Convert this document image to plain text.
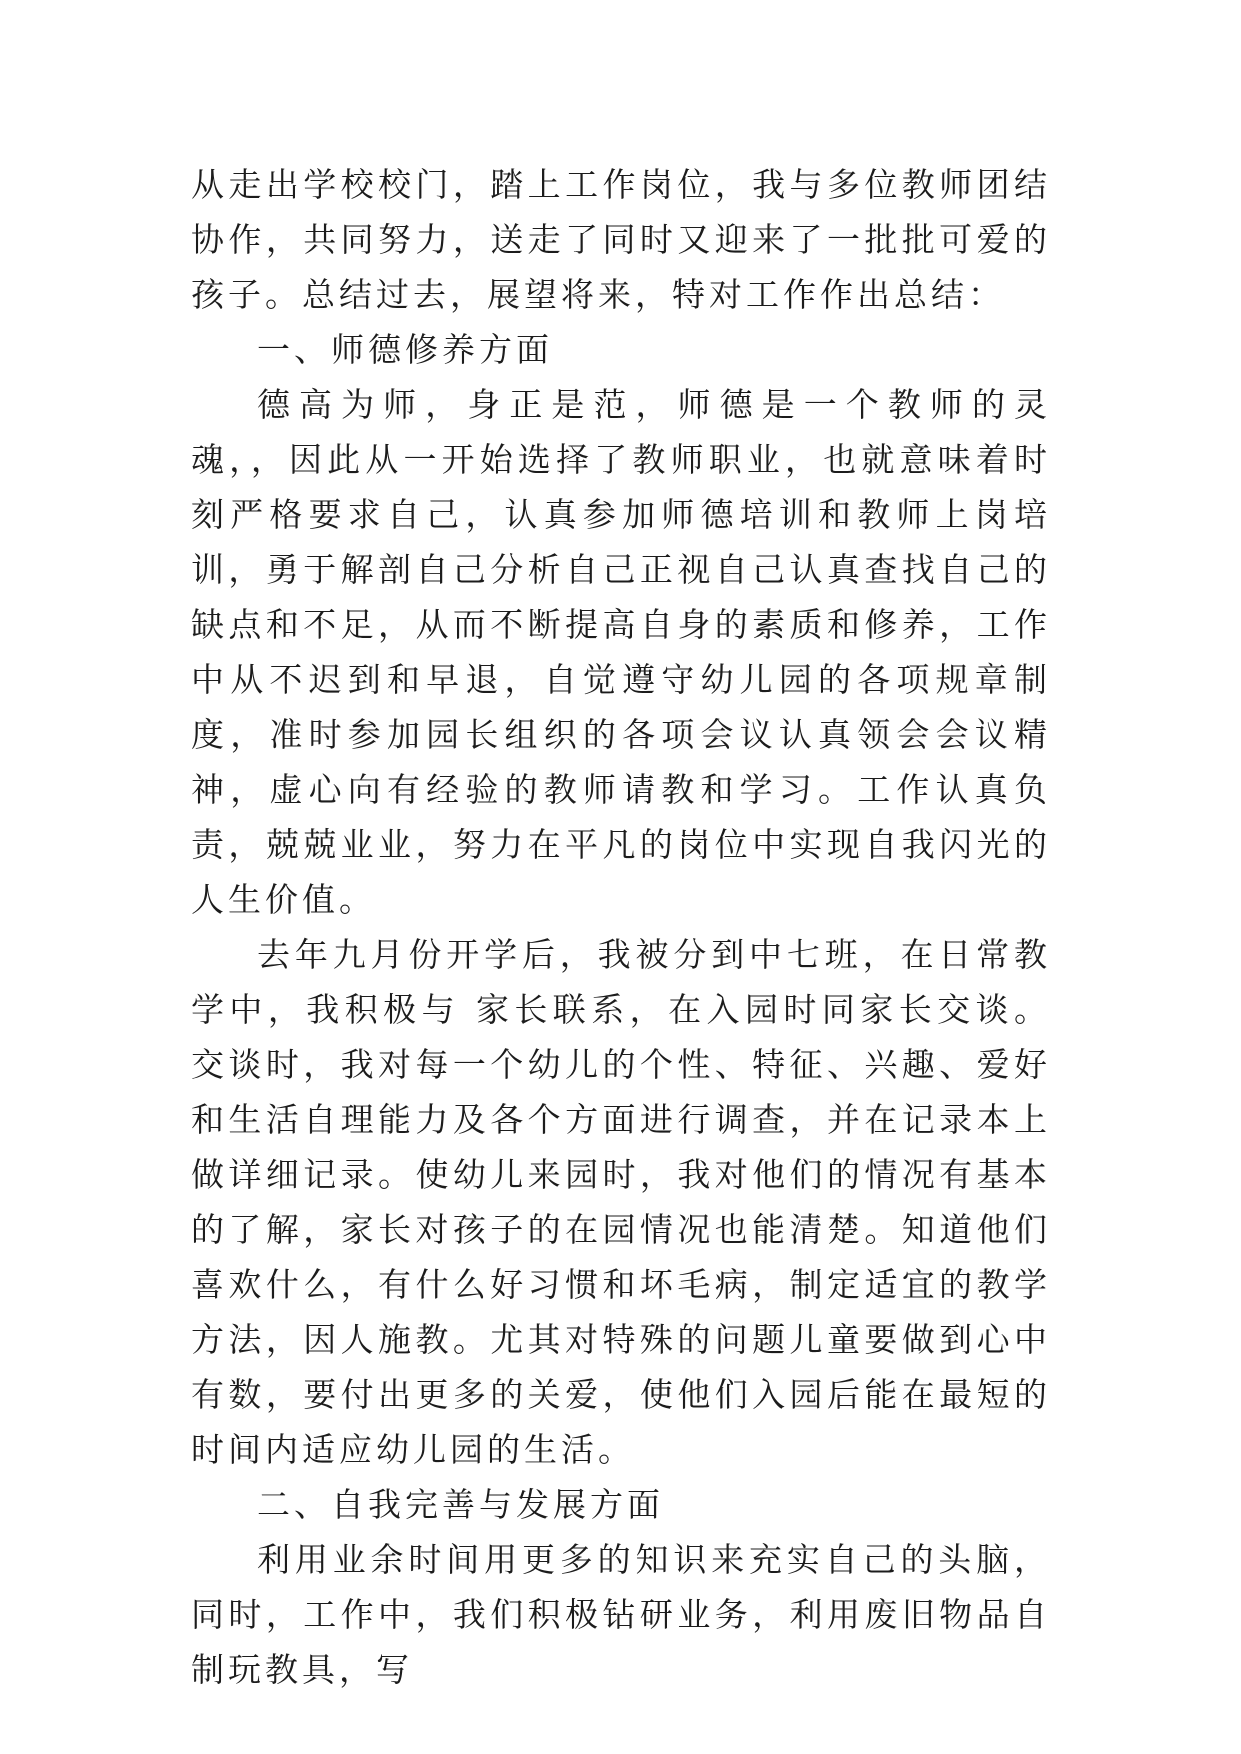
从走出学校校门，踏上工作岗位，我与多位教师团结协作，共同努力，送走了同时又迎来了一批批可爱的孩子。总结过去，展望将来，特对工作作出总结：

一、师德修养方面

德高为师，身正是范，师德是一个教师的灵魂，，因此从一开始选择了教师职业，也就意味着时刻严格要求自己，认真参加师德培训和教师上岗培训，勇于解剖自己分析自己正视自己认真查找自己的缺点和不足，从而不断提高自身的素质和修养，工作中从不迟到和早退，自觉遵守幼儿园的各项规章制度，准时参加园长组织的各项会议认真领会会议精神，虚心向有经验的教师请教和学习。工作认真负责，兢兢业业，努力在平凡的岗位中实现自我闪光的人生价值。

去年九月份开学后，我被分到中七班，在日常教学中，我积极与 家长联系，在入园时同家长交谈。交谈时，我对每一个幼儿的个性、特征、兴趣、爱好和生活自理能力及各个方面进行调查，并在记录本上做详细记录。使幼儿来园时，我对他们的情况有基本的了解，家长对孩子的在园情况也能清楚。知道他们喜欢什么，有什么好习惯和坏毛病，制定适宜的教学方法，因人施教。尤其对特殊的问题儿童要做到心中有数，要付出更多的关爱，使他们入园后能在最短的时间内适应幼儿园的生活。

二、自我完善与发展方面

利用业余时间用更多的知识来充实自己的头脑，同时，工作中，我们积极钻研业务，利用废旧物品自制玩教具，写
